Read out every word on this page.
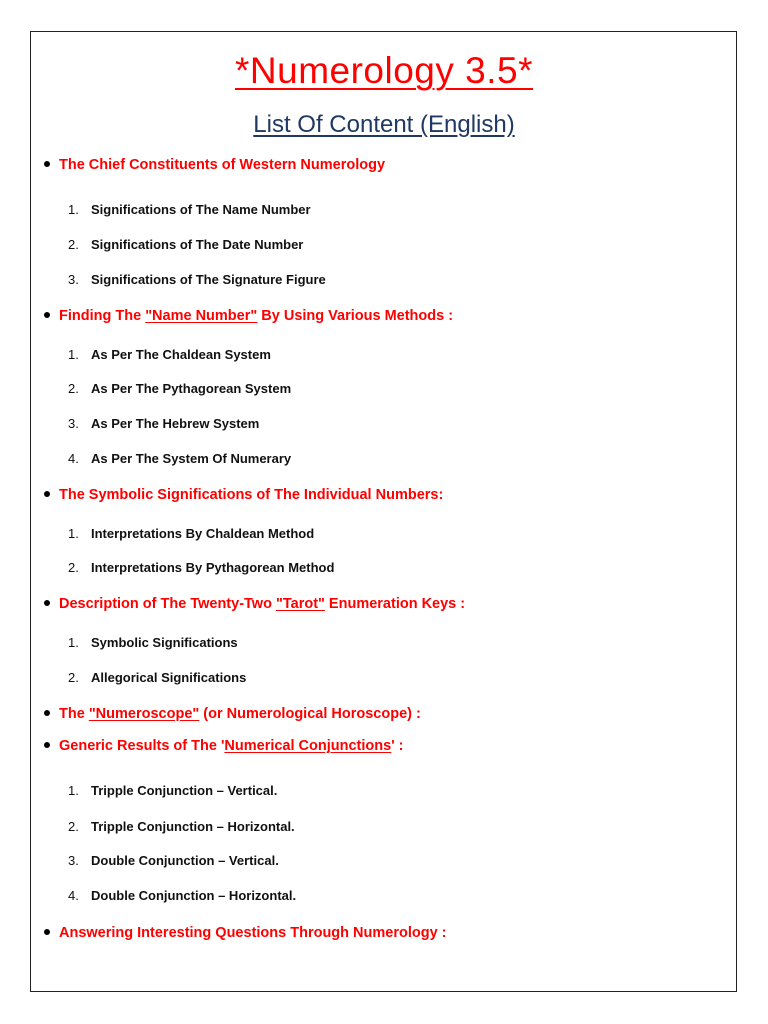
*Numerology 3.5*
List Of Content (English)
The Chief Constituents of Western Numerology
1. Significations of The Name Number
2. Significations of The Date Number
3. Significations of The Signature Figure
Finding The "Name Number" By Using Various Methods :
1. As Per The Chaldean System
2. As Per The Pythagorean System
3. As Per The Hebrew System
4. As Per The System Of Numerary
The Symbolic Significations of The Individual Numbers:
1. Interpretations By Chaldean Method
2. Interpretations By Pythagorean Method
Description of The Twenty-Two "Tarot" Enumeration Keys :
1. Symbolic Significations
2. Allegorical Significations
The "Numeroscope" (or Numerological Horoscope) :
Generic Results of The 'Numerical Conjunctions' :
1. Tripple Conjunction – Vertical.
2. Tripple Conjunction – Horizontal.
3. Double Conjunction – Vertical.
4. Double Conjunction – Horizontal.
Answering Interesting Questions Through Numerology :
